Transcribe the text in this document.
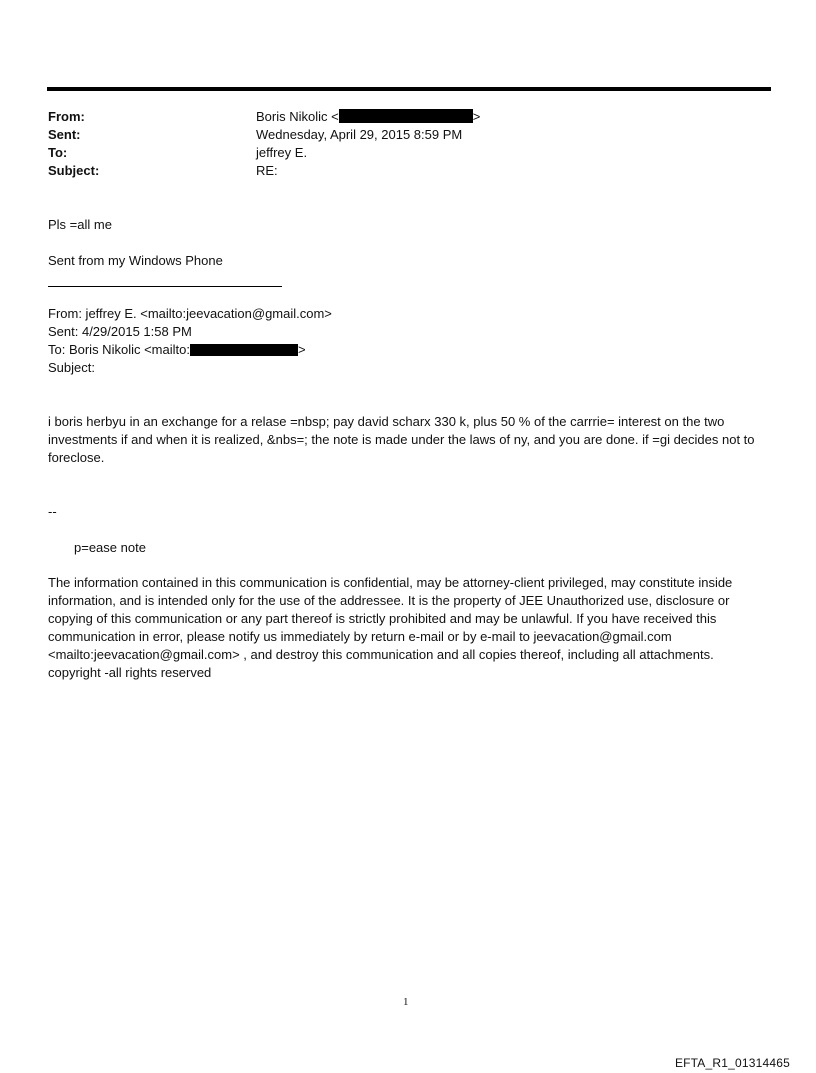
From:	Boris Nikolic <	>
Sent:	Wednesday, April 29, 2015 8:59 PM
To:	jeffrey E.
Subject:	RE:
Pls =all me
Sent from my Windows Phone
From: jeffrey E. <mailto:jeevacation@gmail.com>
Sent: 4/29/2015 1:58 PM
To: Boris Nikolic <mailto:	>
Subject:
i boris herbyu in an exchange for a relase =nbsp; pay david scharx 330 k, plus 50 % of the carrrie= interest on the two investments if and when it is realized, &nbs=; the note is made under the laws of ny, and you are done. if =gi decides not to foreclose.
--
p=ease note
The information contained in this communication is confidential, may be attorney-client privileged, may constitute inside information, and is intended only for the use of the addressee. It is the property of JEE Unauthorized use, disclosure or copying of this communication or any part thereof is strictly prohibited and may be unlawful. If you have received this communication in error, please notify us immediately by return e-mail or by e-mail to jeevacation@gmail.com <mailto:jeevacation@gmail.com> , and destroy this communication and all copies thereof, including all attachments. copyright -all rights reserved
1
EFTA_R1_01314465
